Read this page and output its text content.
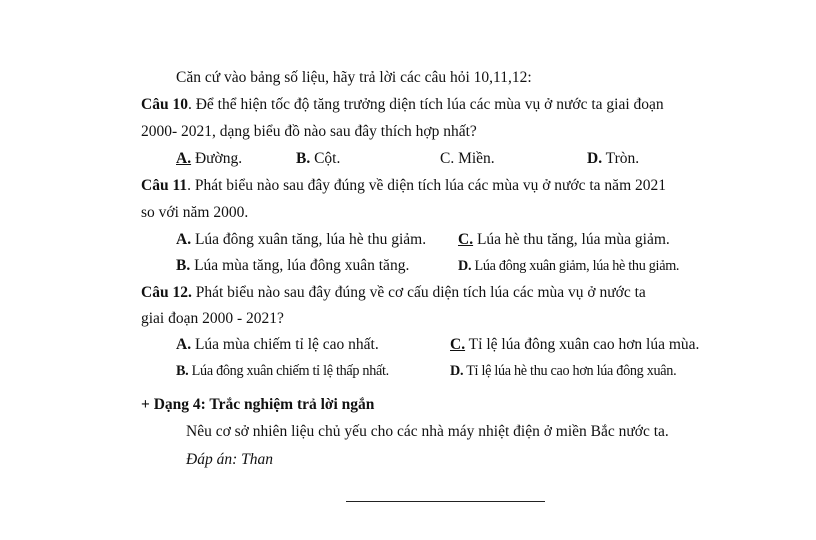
Căn cứ vào bảng số liệu, hãy trả lời các câu hỏi 10,11,12:
Câu 10. Để thể hiện tốc độ tăng trưởng diện tích lúa các mùa vụ ở nước ta giai đoạn
2000- 2021, dạng biểu đồ nào sau đây thích hợp nhất?
A. Đường.	B. Cột.	C. Miền.	D. Tròn.
Câu 11. Phát biểu nào sau đây đúng về diện tích lúa các mùa vụ ở nước ta năm 2021
so với năm 2000.
A. Lúa đông xuân tăng, lúa hè thu giảm. C. Lúa hè thu tăng, lúa mùa giảm.
B. Lúa mùa tăng, lúa đông xuân tăng.	D. Lúa đông xuân giảm, lúa hè thu giảm.
Câu 12. Phát biểu nào sau đây đúng về cơ cấu diện tích lúa các mùa vụ ở nước ta
giai đoạn 2000 - 2021?
A. Lúa mùa chiếm tỉ lệ cao nhất.	C. Tỉ lệ lúa đông xuân cao hơn lúa mùa.
B. Lúa đông xuân chiếm tỉ lệ thấp nhất.	D. Tỉ lệ lúa hè thu cao hơn lúa đông xuân.
+ Dạng 4: Trắc nghiệm trả lời ngắn
Nêu cơ sở nhiên liệu chủ yếu cho các nhà máy nhiệt điện ở miền Bắc nước ta.
Đáp án: Than
